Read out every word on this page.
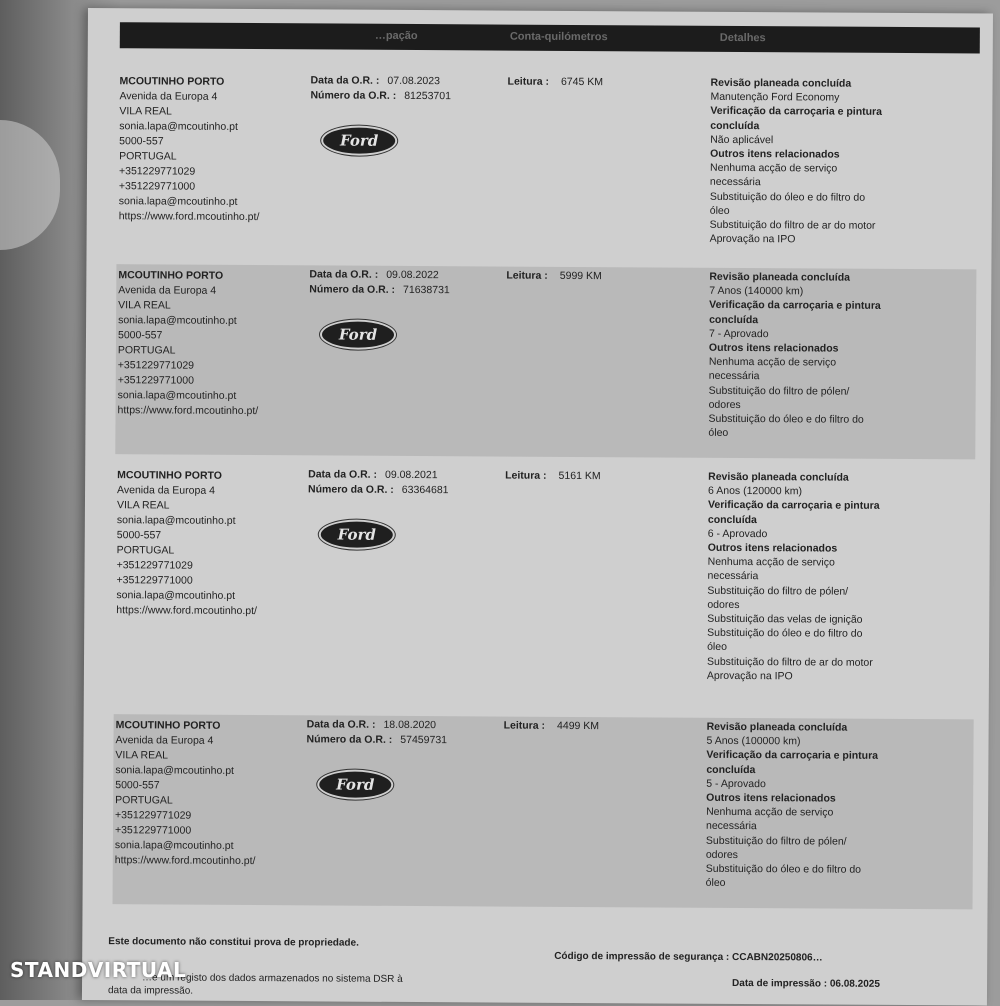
…pação	Conta-quilómetros	Detalhes
MCOUTINHO PORTO
Avenida da Europa 4
VILA REAL
sonia.lapa@mcoutinho.pt
5000-557
PORTUGAL
+351229771029
+351229771000
sonia.lapa@mcoutinho.pt
https://www.ford.mcoutinho.pt/
Data da O.R. : 07.08.2023
Número da O.R. : 81253701
Leitura : 6745 KM
Ford
Revisão planeada concluída
Manutenção Ford Economy
Verificação da carroçaria e pintura
concluída
Não aplicável
Outros itens relacionados
Nenhuma acção de serviço
necessária
Substituição do óleo e do filtro do
óleo
Substituição do filtro de ar do motor
Aprovação na IPO
MCOUTINHO PORTO
Avenida da Europa 4
VILA REAL
sonia.lapa@mcoutinho.pt
5000-557
PORTUGAL
+351229771029
+351229771000
sonia.lapa@mcoutinho.pt
https://www.ford.mcoutinho.pt/
Data da O.R. : 09.08.2022
Número da O.R. : 71638731
Leitura : 5999 KM
Ford
Revisão planeada concluída
7 Anos (140000 km)
Verificação da carroçaria e pintura
concluída
7 - Aprovado
Outros itens relacionados
Nenhuma acção de serviço
necessária
Substituição do filtro de pólen/
odores
Substituição do óleo e do filtro do
óleo
MCOUTINHO PORTO
Avenida da Europa 4
VILA REAL
sonia.lapa@mcoutinho.pt
5000-557
PORTUGAL
+351229771029
+351229771000
sonia.lapa@mcoutinho.pt
https://www.ford.mcoutinho.pt/
Data da O.R. : 09.08.2021
Número da O.R. : 63364681
Leitura : 5161 KM
Ford
Revisão planeada concluída
6 Anos (120000 km)
Verificação da carroçaria e pintura
concluída
6 - Aprovado
Outros itens relacionados
Nenhuma acção de serviço
necessária
Substituição do filtro de pólen/
odores
Substituição das velas de ignição
Substituição do óleo e do filtro do
óleo
Substituição do filtro de ar do motor
Aprovação na IPO
MCOUTINHO PORTO
Avenida da Europa 4
VILA REAL
sonia.lapa@mcoutinho.pt
5000-557
PORTUGAL
+351229771029
+351229771000
sonia.lapa@mcoutinho.pt
https://www.ford.mcoutinho.pt/
Data da O.R. : 18.08.2020
Número da O.R. : 57459731
Leitura : 4499 KM
Ford
Revisão planeada concluída
5 Anos (100000 km)
Verificação da carroçaria e pintura
concluída
5 - Aprovado
Outros itens relacionados
Nenhuma acção de serviço
necessária
Substituição do filtro de pólen/
odores
Substituição do óleo e do filtro do
óleo
Este documento não constitui prova de propriedade.
Código de impressão de segurança : CCABN20250806…
…e um registo dos dados armazenados no sistema DSR à
data da impressão.
Data de impressão : 06.08.2025
STANDVIRTUAL
